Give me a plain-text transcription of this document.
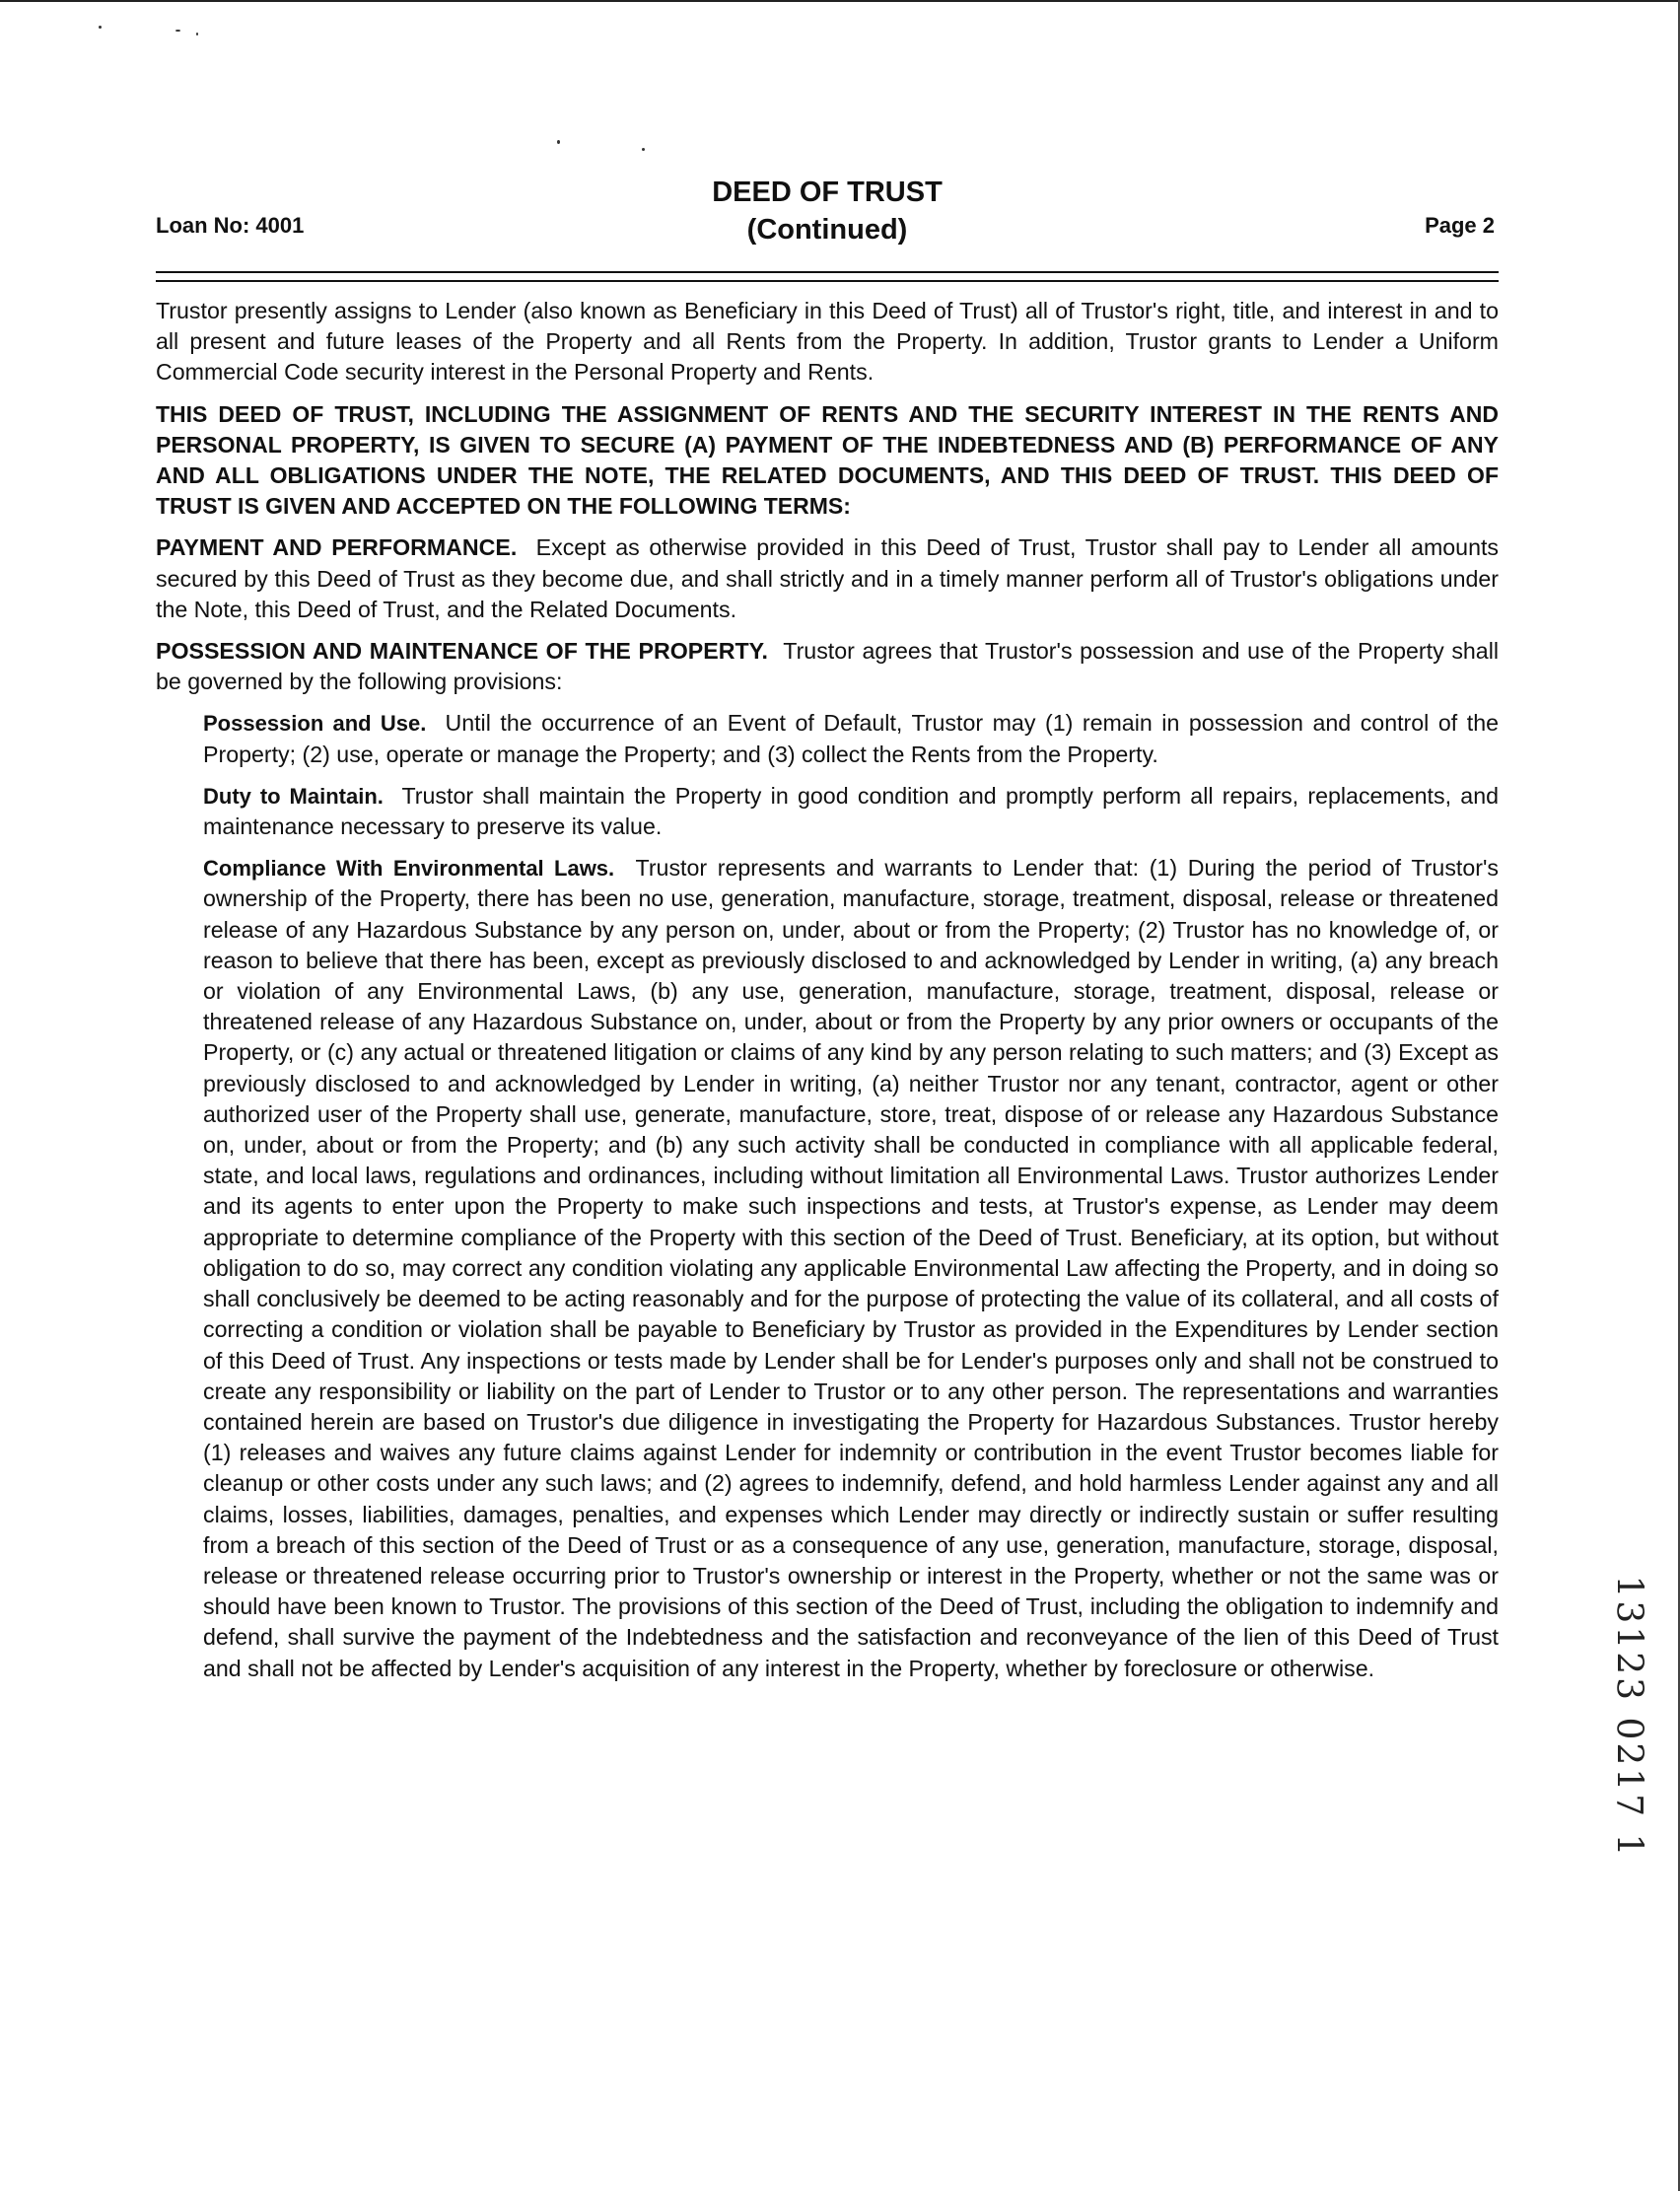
Loan No: 4001
DEED OF TRUST
(Continued)	Page 2

Trustor presently assigns to Lender (also known as Beneficiary in this Deed of Trust) all of Trustor's right, title, and interest in and to all present and future leases of the Property and all Rents from the Property. In addition, Trustor grants to Lender a Uniform Commercial Code security interest in the Personal Property and Rents.

THIS DEED OF TRUST, INCLUDING THE ASSIGNMENT OF RENTS AND THE SECURITY INTEREST IN THE RENTS AND PERSONAL PROPERTY, IS GIVEN TO SECURE (A) PAYMENT OF THE INDEBTEDNESS AND (B) PERFORMANCE OF ANY AND ALL OBLIGATIONS UNDER THE NOTE, THE RELATED DOCUMENTS, AND THIS DEED OF TRUST. THIS DEED OF TRUST IS GIVEN AND ACCEPTED ON THE FOLLOWING TERMS:

PAYMENT AND PERFORMANCE. Except as otherwise provided in this Deed of Trust, Trustor shall pay to Lender all amounts secured by this Deed of Trust as they become due, and shall strictly and in a timely manner perform all of Trustor's obligations under the Note, this Deed of Trust, and the Related Documents.

POSSESSION AND MAINTENANCE OF THE PROPERTY. Trustor agrees that Trustor's possession and use of the Property shall be governed by the following provisions:

Possession and Use. Until the occurrence of an Event of Default, Trustor may (1) remain in possession and control of the Property; (2) use, operate or manage the Property; and (3) collect the Rents from the Property.

Duty to Maintain. Trustor shall maintain the Property in good condition and promptly perform all repairs, replacements, and maintenance necessary to preserve its value.

Compliance With Environmental Laws. Trustor represents and warrants to Lender that: (1) During the period of Trustor's ownership of the Property, there has been no use, generation, manufacture, storage, treatment, disposal, release or threatened release of any Hazardous Substance by any person on, under, about or from the Property; (2) Trustor has no knowledge of, or reason to believe that there has been, except as previously disclosed to and acknowledged by Lender in writing, (a) any breach or violation of any Environmental Laws, (b) any use, generation, manufacture, storage, treatment, disposal, release or threatened release of any Hazardous Substance on, under, about or from the Property by any prior owners or occupants of the Property, or (c) any actual or threatened litigation or claims of any kind by any person relating to such matters; and (3) Except as previously disclosed to and acknowledged by Lender in writing, (a) neither Trustor nor any tenant, contractor, agent or other authorized user of the Property shall use, generate, manufacture, store, treat, dispose of or release any Hazardous Substance on, under, about or from the Property; and (b) any such activity shall be conducted in compliance with all applicable federal, state, and local laws, regulations and ordinances, including without limitation all Environmental Laws. Trustor authorizes Lender and its agents to enter upon the Property to make such inspections and tests, at Trustor's expense, as Lender may deem appropriate to determine compliance of the Property with this section of the Deed of Trust. Beneficiary, at its option, but without obligation to do so, may correct any condition violating any applicable Environmental Law affecting the Property, and in doing so shall conclusively be deemed to be acting reasonably and for the purpose of protecting the value of its collateral, and all costs of correcting a condition or violation shall be payable to Beneficiary by Trustor as provided in the Expenditures by Lender section of this Deed of Trust. Any inspections or tests made by Lender shall be for Lender's purposes only and shall not be construed to create any responsibility or liability on the part of Lender to Trustor or to any other person. The representations and warranties contained herein are based on Trustor's due diligence in investigating the Property for Hazardous Substances. Trustor hereby (1) releases and waives any future claims against Lender for indemnity or contribution in the event Trustor becomes liable for cleanup or other costs under any such laws; and (2) agrees to indemnify, defend, and hold harmless Lender against any and all claims, losses, liabilities, damages, penalties, and expenses which Lender may directly or indirectly sustain or suffer resulting from a breach of this section of the Deed of Trust or as a consequence of any use, generation, manufacture, storage, disposal, release or threatened release occurring prior to Trustor's ownership or interest in the Property, whether or not the same was or should have been known to Trustor. The provisions of this section of the Deed of Trust, including the obligation to indemnify and defend, shall survive the payment of the Indebtedness and the satisfaction and reconveyance of the lien of this Deed of Trust and shall not be affected by Lender's acquisition of any interest in the Property, whether by foreclosure or otherwise.	13123 0217 1
